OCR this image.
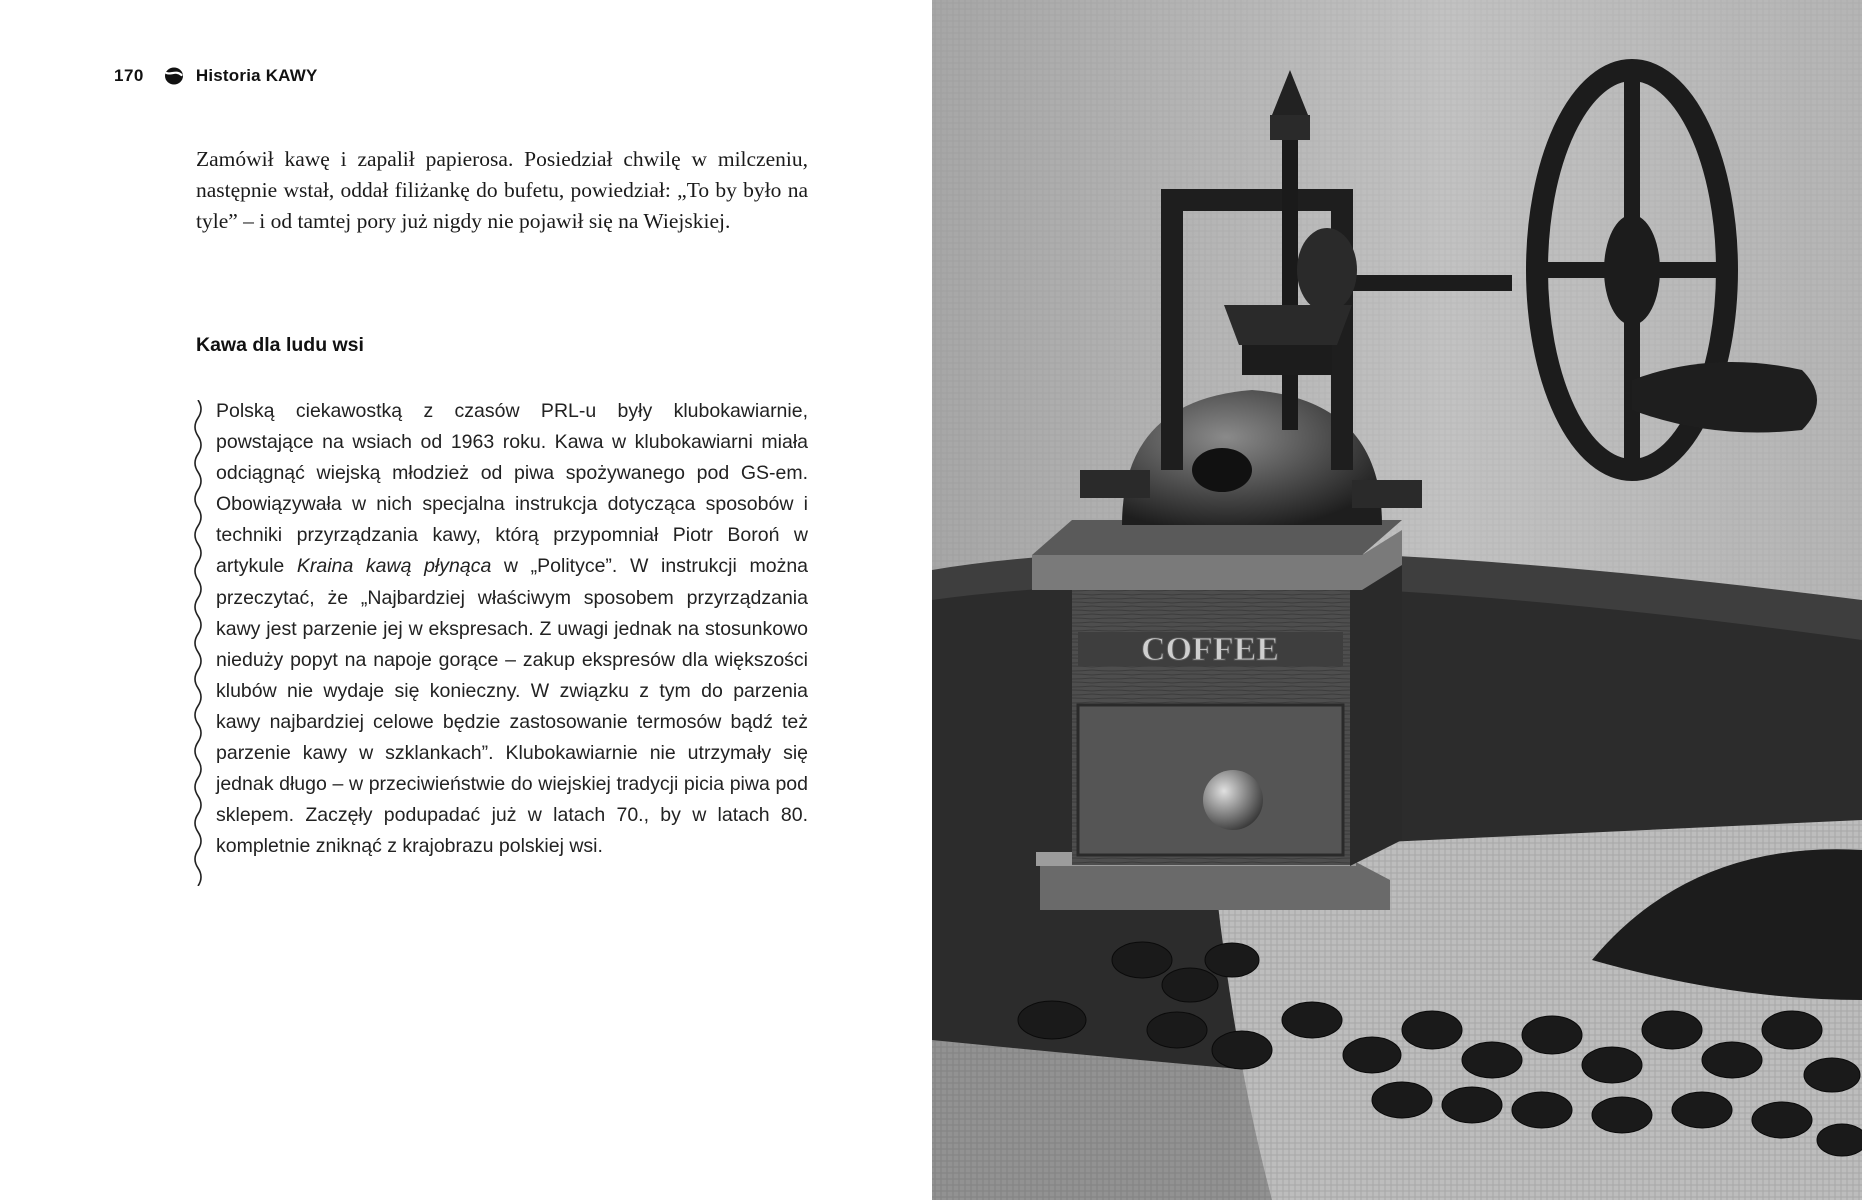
170	Historia KAWY

Zamówił kawę i zapalił papierosa. Posiedział chwilę w milczeniu, następnie wstał, oddał filiżankę do bufetu, powiedział: „To by było na tyle” – i od tamtej pory już nigdy nie pojawił się na Wiejskiej.

Kawa dla ludu wsi

Polską ciekawostką z czasów PRL-u były klubokawiarnie, powstające na wsiach od 1963 roku. Kawa w klubokawiarni miała odciągnąć wiejską młodzież od piwa spożywanego pod GS-em. Obowiązywała w nich specjalna instrukcja dotycząca sposobów i techniki przyrządzania kawy, którą przypomniał Piotr Boroń w artykule Kraina kawą płynąca w „Polityce”. W instrukcji można przeczytać, że „Najbardziej właściwym sposobem przyrządzania kawy jest parzenie jej w ekspresach. Z uwagi jednak na stosunkowo nieduży popyt na napoje gorące – zakup ekspresów dla większości klubów nie wydaje się konieczny. W związku z tym do parzenia kawy najbardziej celowe będzie zastosowanie termosów bądź też parzenie kawy w szklankach”. Klubokawiarnie nie utrzymały się jednak długo – w przeciwieństwie do wiejskiej tradycji picia piwa pod sklepem. Zaczęły podupadać już w latach 70., by w latach 80. kompletnie zniknąć z krajobrazu polskiej wsi.

COFFEE
